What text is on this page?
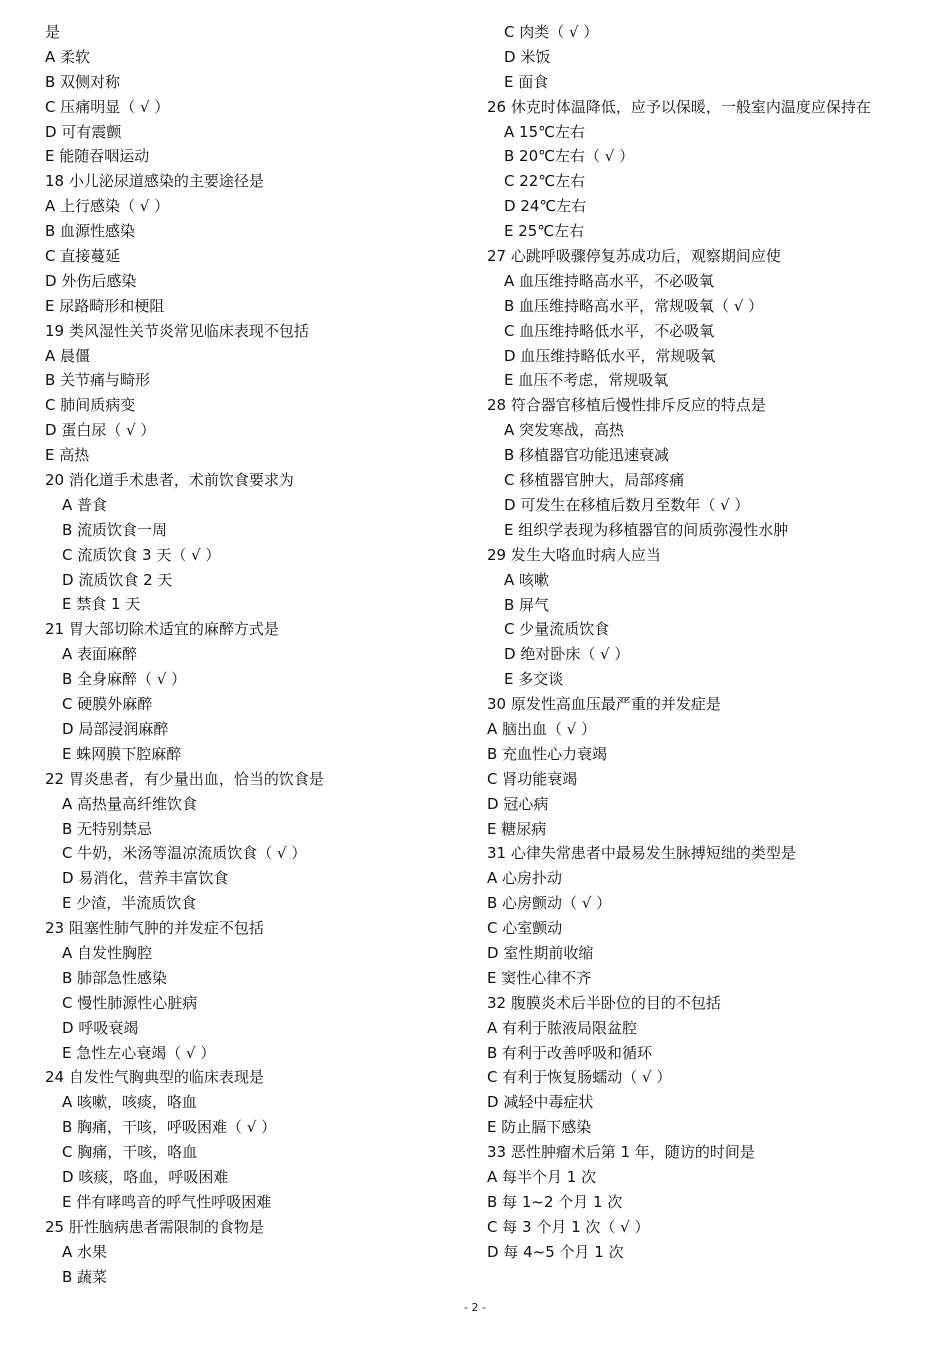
是
A 柔软
B 双侧对称
C 压痛明显（ √ ）
D 可有震颤
E 能随吞咽运动
18 小儿泌尿道感染的主要途径是
A 上行感染（ √ ）
B 血源性感染
C 直接蔓延
D 外伤后感染
E 尿路畸形和梗阻
19 类风湿性关节炎常见临床表现不包括
A 晨僵
B 关节痛与畸形
C 肺间质病变
D 蛋白尿（ √ ）
E 高热
20 消化道手术患者，术前饮食要求为
A 普食
B 流质饮食一周
C 流质饮食 3 天（ √ ）
D 流质饮食 2 天
E 禁食 1 天
21 胃大部切除术适宜的麻醉方式是
A 表面麻醉
B 全身麻醉（ √ ）
C 硬膜外麻醉
D 局部浸润麻醉
E 蛛网膜下腔麻醉
22 胃炎患者，有少量出血，恰当的饮食是
A 高热量高纤维饮食
B 无特别禁忌
C 牛奶，米汤等温凉流质饮食（ √ ）
D 易消化，营养丰富饮食
E 少渣，半流质饮食
23 阻塞性肺气肿的并发症不包括
A 自发性胸腔
B 肺部急性感染
C 慢性肺源性心脏病
D 呼吸衰竭
E 急性左心衰竭（ √ ）
24 自发性气胸典型的临床表现是
A 咳嗽，咳痰，咯血
B 胸痛，干咳，呼吸困难（ √ ）
C 胸痛，干咳，咯血
D 咳痰，咯血，呼吸困难
E 伴有哮鸣音的呼气性呼吸困难
25 肝性脑病患者需限制的食物是
A 水果
B 蔬菜
C 肉类（ √ ）
D 米饭
E 面食
26 休克时体温降低，应予以保暖，一般室内温度应保持在
A 15℃左右
B 20℃左右（ √ ）
C 22℃左右
D 24℃左右
E 25℃左右
27 心跳呼吸骤停复苏成功后，观察期间应使
A 血压维持略高水平，不必吸氧
B 血压维持略高水平，常规吸氧（ √ ）
C 血压维持略低水平，不必吸氧
D 血压维持略低水平，常规吸氧
E 血压不考虑，常规吸氧
28 符合器官移植后慢性排斥反应的特点是
A 突发寒战，高热
B 移植器官功能迅速衰减
C 移植器官肿大，局部疼痛
D 可发生在移植后数月至数年（ √ ）
E 组织学表现为移植器官的间质弥漫性水肿
29 发生大咯血时病人应当
A 咳嗽
B 屏气
C 少量流质饮食
D 绝对卧床（ √ ）
E 多交谈
30 原发性高血压最严重的并发症是
A 脑出血（ √ ）
B 充血性心力衰竭
C 肾功能衰竭
D 冠心病
E 糖尿病
31 心律失常患者中最易发生脉搏短绌的类型是
A 心房扑动
B 心房颤动（ √ ）
C 心室颤动
D 室性期前收缩
E 窦性心律不齐
32 腹膜炎术后半卧位的目的不包括
A 有利于脓液局限盆腔
B 有利于改善呼吸和循环
C 有利于恢复肠蠕动（ √ ）
D 减轻中毒症状
E 防止膈下感染
33 恶性肿瘤术后第 1 年，随访的时间是
A 每半个月 1 次
B 每 1~2 个月 1 次
C 每 3 个月 1 次（ √ ）
D 每 4~5 个月 1 次
- 2 -
